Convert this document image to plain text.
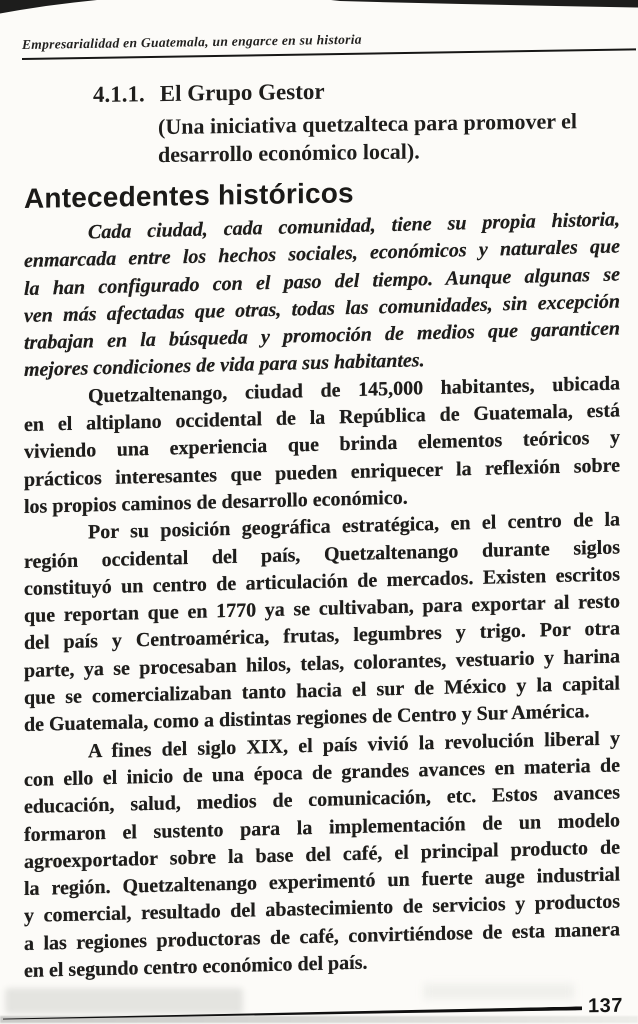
Empresarialidad en Guatemala, un engarce en su historia
4.1.1. El Grupo Gestor
(Una iniciativa quetzalteca para promover el
desarrollo económico local).
Antecedentes históricos
Cada ciudad, cada comunidad, tiene su propia historia,
enmarcada entre los hechos sociales, económicos y naturales que
la han configurado con el paso del tiempo. Aunque algunas se
ven más afectadas que otras, todas las comunidades, sin excepción
trabajan en la búsqueda y promoción de medios que garanticen
mejores condiciones de vida para sus habitantes.
Quetzaltenango, ciudad de 145,000 habitantes, ubicada
en el altiplano occidental de la República de Guatemala, está
viviendo una experiencia que brinda elementos teóricos y
prácticos interesantes que pueden enriquecer la reflexión sobre
los propios caminos de desarrollo económico.
Por su posición geográfica estratégica, en el centro de la
región occidental del país, Quetzaltenango durante siglos
constituyó un centro de articulación de mercados. Existen escritos
que reportan que en 1770 ya se cultivaban, para exportar al resto
del país y Centroamérica, frutas, legumbres y trigo. Por otra
parte, ya se procesaban hilos, telas, colorantes, vestuario y harina
que se comercializaban tanto hacia el sur de México y la capital
de Guatemala, como a distintas regiones de Centro y Sur América.
A fines del siglo XIX, el país vivió la revolución liberal y
con ello el inicio de una época de grandes avances en materia de
educación, salud, medios de comunicación, etc. Estos avances
formaron el sustento para la implementación de un modelo
agroexportador sobre la base del café, el principal producto de
la región. Quetzaltenango experimentó un fuerte auge industrial
y comercial, resultado del abastecimiento de servicios y productos
a las regiones productoras de café, convirtiéndose de esta manera
en el segundo centro económico del país.
137
